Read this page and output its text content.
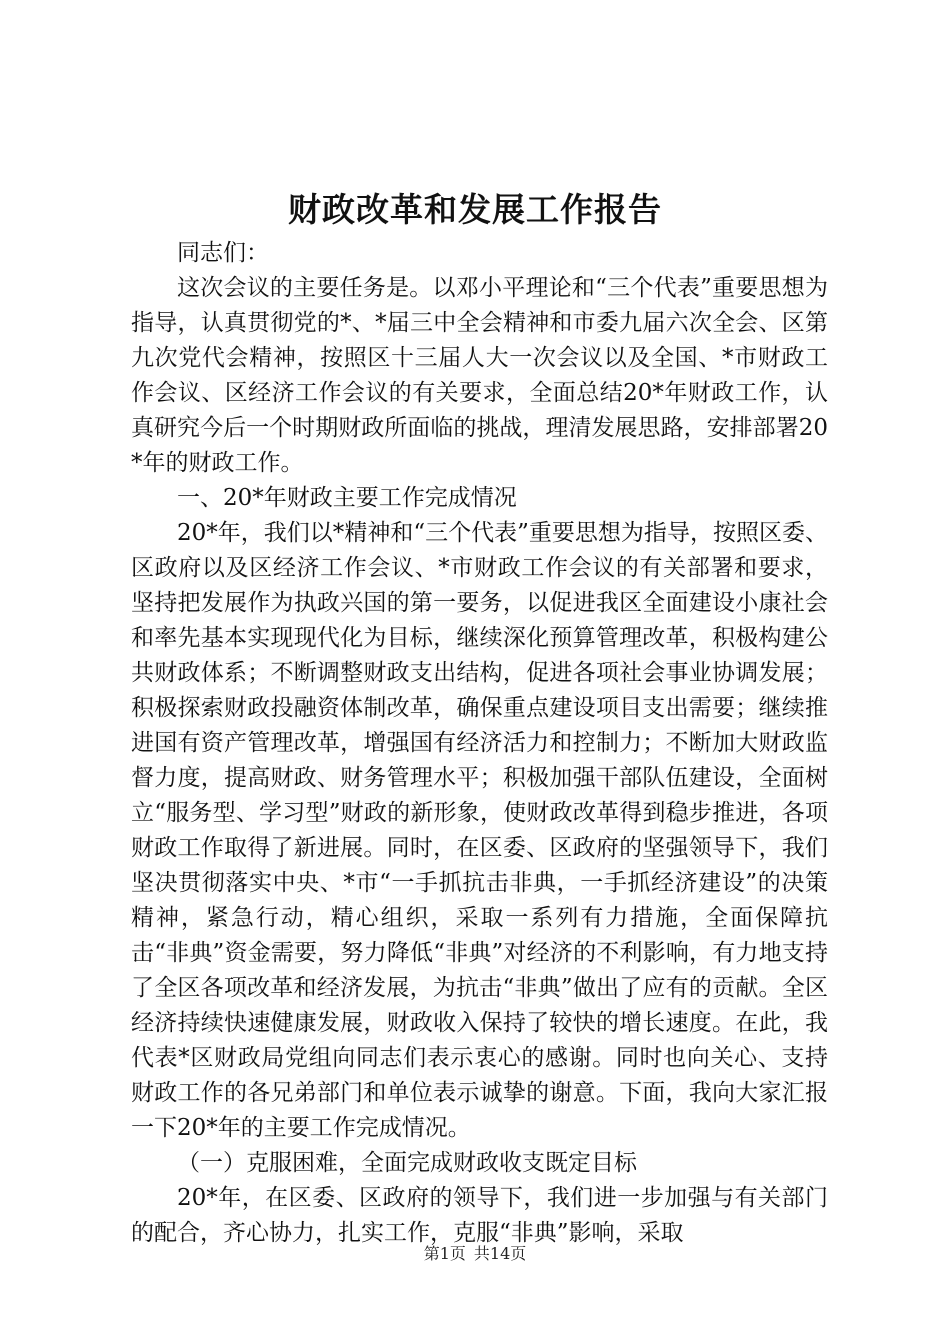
财政改革和发展工作报告

同志们：

这次会议的主要任务是。以邓小平理论和“三个代表”重要思想为指导，认真贯彻党的*、*届三中全会精神和市委九届六次全会、区第九次党代会精神，按照区十三届人大一次会议以及全国、*市财政工作会议、区经济工作会议的有关要求，全面总结20*年财政工作，认真研究今后一个时期财政所面临的挑战，理清发展思路，安排部署20*年的财政工作。

一、20*年财政主要工作完成情况

20*年，我们以*精神和“三个代表”重要思想为指导，按照区委、区政府以及区经济工作会议、*市财政工作会议的有关部署和要求，坚持把发展作为执政兴国的第一要务，以促进我区全面建设小康社会和率先基本实现现代化为目标，继续深化预算管理改革，积极构建公共财政体系；不断调整财政支出结构，促进各项社会事业协调发展；积极探索财政投融资体制改革，确保重点建设项目支出需要；继续推进国有资产管理改革，增强国有经济活力和控制力；不断加大财政监督力度，提高财政、财务管理水平；积极加强干部队伍建设，全面树立“服务型、学习型”财政的新形象，使财政改革得到稳步推进，各项财政工作取得了新进展。同时，在区委、区政府的坚强领导下，我们坚决贯彻落实中央、*市“一手抓抗击非典，一手抓经济建设”的决策精神，紧急行动，精心组织，采取一系列有力措施，全面保障抗击“非典”资金需要，努力降低“非典”对经济的不利影响，有力地支持了全区各项改革和经济发展，为抗击“非典”做出了应有的贡献。全区经济持续快速健康发展，财政收入保持了较快的增长速度。在此，我代表*区财政局党组向同志们表示衷心的感谢。同时也向关心、支持财政工作的各兄弟部门和单位表示诚挚的谢意。下面，我向大家汇报一下20*年的主要工作完成情况。

（一）克服困难，全面完成财政收支既定目标

20*年，在区委、区政府的领导下，我们进一步加强与有关部门的配合，齐心协力，扎实工作，克服“非典”影响，采取

第1页 共14页
